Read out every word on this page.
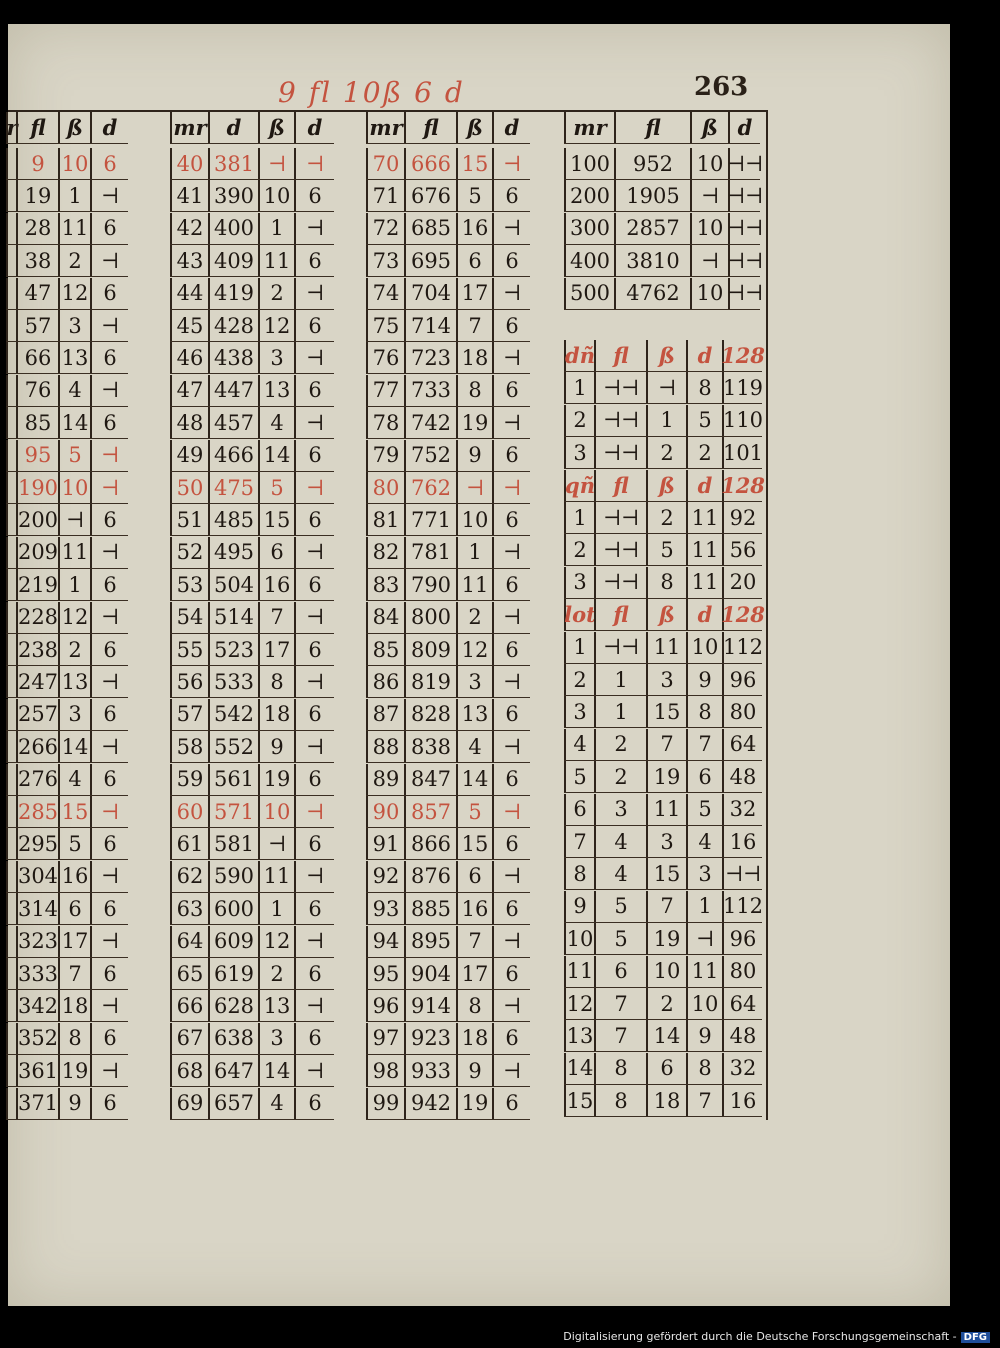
9 fl 10ß 6 d	263
r fl	ß d
9 10 6
19 1 ⊣
28 11 6
38 2 ⊣
47 12 6
57 3 ⊣
66 13 6
76 4 ⊣
85 14 6
95 5 ⊣
190 10 ⊣
200 ⊣ 6
209 11 ⊣
219 1	6
228 12 ⊣
238 2	6
247 13 ⊣
257 3	6
266 14 ⊣
276 4	6
285 15 ⊣
295 5	6
304 16 ⊣
314 6	6
323 17 ⊣
333 7	6
342 18 ⊣
352 8	6
361 19 ⊣
371 9	6
mr d	ß	d
40 381 ⊣ ⊣
41 390 10 6
42 400 1	⊣
43 409 11 6
44 419 2	⊣
45 428 12 6
46 438 3	⊣
47 447 13 6
48 457 4	⊣
49 466 14 6
50 475 5	⊣
51 485 15 6
52 495 6	⊣
53 504 16 6
54 514 7	⊣
55 523 17 6
56 533 8	⊣
57 542 18 6
58 552 9	⊣
59 561 19 6
60 571 10 ⊣
61 581 ⊣	6
62 590 11 ⊣
63 600 1	6
64 609 12 ⊣
65 619 2	6
66 628 13 ⊣
67 638 3	6
68 647 14 ⊣
69 657 4	6
mr fl	ß	d
70 666 15 ⊣
71 676 5	6
72 685 16 ⊣
73 695 6	6
74 704 17 ⊣
75 714 7	6
76 723 18 ⊣
77 733 8	6
78 742 19 ⊣
79 752 9	6
80 762 ⊣ ⊣
81 771 10 6
82 781 1	⊣
83 790 11 6
84 800 2	⊣
85 809 12 6
86 819 3	⊣
87 828 13 6
88 838 4	⊣
89 847 14 6
90 857 5	⊣
91 866 15 6
92 876 6	⊣
93 885 16 6
94 895 7	⊣
95 904 17 6
96 914 8	⊣
97 923 18 6
98 933 9	⊣
99 942 19 6
mr	fl	ß d
100	952	10 ⊣⊣
200 1905	⊣ ⊣⊣
300 2857 10 ⊣⊣
400 3810	⊣ ⊣⊣
500 4762 10 ⊣⊣
dñ fl	ß	d 128
1 ⊣⊣ ⊣	8 119
2 ⊣⊣	1	5 110
3 ⊣⊣	2	2 101
qñ fl	ß	d 128
1 ⊣⊣	2 11 92
2 ⊣⊣	5 11 56
3 ⊣⊣	8 11 20
lot fl	ß	d 128
1 ⊣⊣ 11 10 112
2	1	3	9 96
3	1	15 8 80
4	2	7	7 64
5	2	19 6 48
6	3	11 5 32
7	4	3	4 16
8	4	15 3 ⊣⊣
9	5	7	1 112
10 5	19 ⊣ 96
11 6	10 11 80
12 7	2 10 64
13 7	14 9 48
14 8	6	8 32
15 8	18 7 16
Digitalisierung gefördert durch die Deutsche Forschungsgemeinschaft - DFG
